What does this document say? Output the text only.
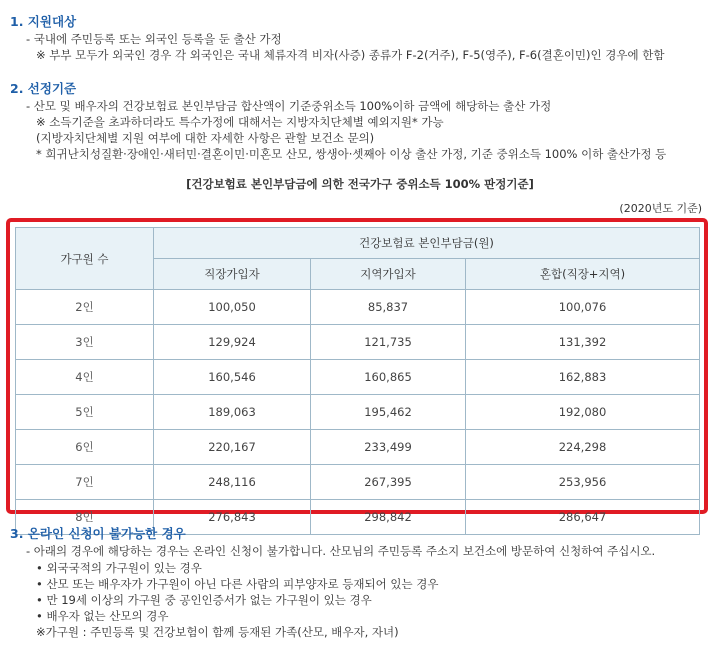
1. 지원대상
- 국내에 주민등록 또는 외국인 등록을 둔 출산 가정
※ 부부 모두가 외국인 경우 각 외국인은 국내 체류자격 비자(사증) 종류가 F-2(거주), F-5(영주), F-6(결혼이민)인 경우에 한함
2. 선정기준
- 산모 및 배우자의 건강보험료 본인부담금 합산액이 기준중위소득 100%이하 금액에 해당하는 출산 가정
※ 소득기준을 초과하더라도 특수가정에 대해서는 지방자치단체별 예외지원* 가능
(지방자치단체별 지원 여부에 대한 자세한 사항은 관할 보건소 문의)
* 희귀난치성질환·장애인·새터민·결혼이민·미혼모 산모, 쌍생아·셋째아 이상 출산 가정, 기준 중위소득 100% 이하 출산가정 등
[건강보험료 본인부담금에 의한 전국가구 중위소득 100% 판정기준]
(2020년도 기준)
가구원 수	건강보험료 본인부담금(원)		
	직장가입자	지역가입자	혼합(직장+지역)
2인	100,050	85,837	100,076
3인	129,924	121,735	131,392
4인	160,546	160,865	162,883
5인	189,063	195,462	192,080
6인	220,167	233,499	224,298
7인	248,116	267,395	253,956
8인	276,843	298,842	286,647
3. 온라인 신청이 불가능한 경우
- 아래의 경우에 해당하는 경우는 온라인 신청이 불가합니다. 산모님의 주민등록 주소지 보건소에 방문하여 신청하여 주십시오.
• 외국국적의 가구원이 있는 경우
• 산모 또는 배우자가 가구원이 아닌 다른 사람의 피부양자로 등재되어 있는 경우
• 만 19세 이상의 가구원 중 공인인증서가 없는 가구원이 있는 경우
• 배우자 없는 산모의 경우
※가구원 : 주민등록 및 건강보험이 함께 등재된 가족(산모, 배우자, 자녀)
